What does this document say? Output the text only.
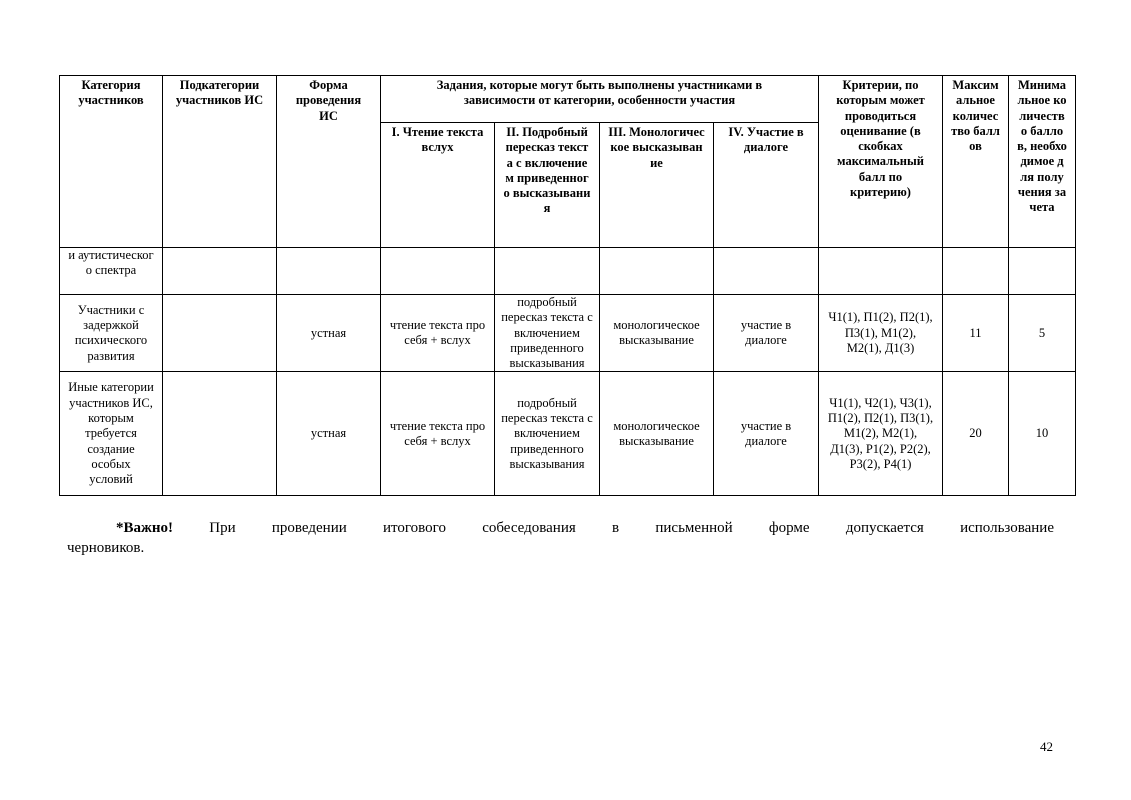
Категория участников	Подкатегории участников ИС	Форма проведения ИС	Задания, которые могут быть выполнены участниками в зависимости от категории, особенности участия				Критерии, по которым может проводиться оценивание (в скобках максимальный балл по критерию)	Максимальное количество баллов	Минимальное количество баллов, необходимое для получения зачета
			I. Чтение текста вслух	II. Подробный пересказ текста с включением приведенного высказывания	III. Монологическое высказывание	IV. Участие в диалоге			
и аутистического спектра									
Участники с задержкой психического развития		устная	чтение текста про себя + вслух	подробный пересказ текста с включением приведенного высказывания	монологическое высказывание	участие в диалоге	Ч1(1), П1(2), П2(1), П3(1), М1(2), М2(1), Д1(3)	11	5
Иные категории участников ИС, которым требуется создание особых условий		устная	чтение текста про себя + вслух	подробный пересказ текста с включением приведенного высказывания	монологическое высказывание	участие в диалоге	Ч1(1), Ч2(1), Ч3(1), П1(2), П2(1), П3(1), М1(2), М2(1), Д1(3), Р1(2), Р2(2), Р3(2), Р4(1)	20	10
*Важно! При проведении итогового собеседования в письменной форме допускается использование
черновиков.
42
